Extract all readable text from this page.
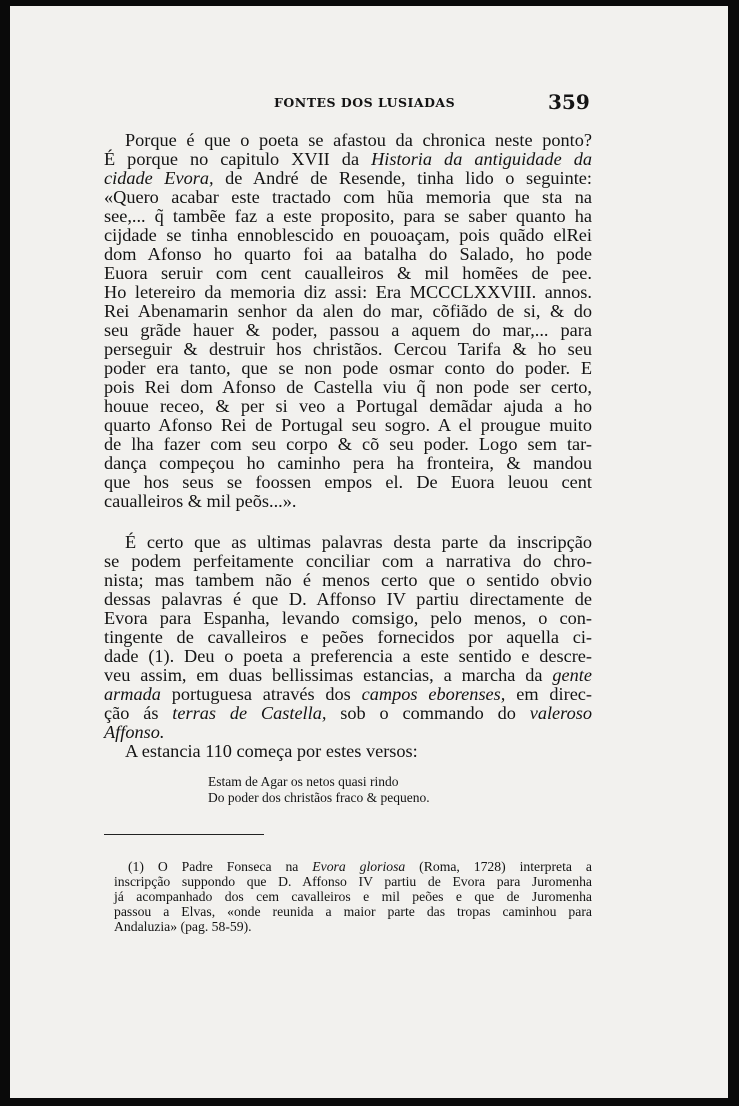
FONTES DOS LUSIADAS	359
Porque é que o poeta se afastou da chronica neste ponto?
É porque no capitulo XVII da Historia da antiguidade da
cidade Evora, de André de Resende, tinha lido o seguinte:
«Quero acabar este tractado com hũa memoria que sta na
see,... q̃ tambẽe faz a este proposito, para se saber quanto ha
cijdade se tinha ennoblescido en pouoaçam, pois quãdo elRei
dom Afonso ho quarto foi aa batalha do Salado, ho pode
Euora seruir com cent caualleiros & mil homẽes de pee.
Ho letereiro da memoria diz assi: Era MCCCLXXVIII. annos.
Rei Abenamarin senhor da alen do mar, cõfiãdo de si, & do
seu grãde hauer & poder, passou a aquem do mar,... para
perseguir & destruir hos christãos. Cercou Tarifa & ho seu
poder era tanto, que se non pode osmar conto do poder. E
pois Rei dom Afonso de Castella viu q̃ non pode ser certo,
houue receo, & per si veo a Portugal demãdar ajuda a ho
quarto Afonso Rei de Portugal seu sogro. A el prougue muito
de lha fazer com seu corpo & cõ seu poder. Logo sem tar-
dança compeçou ho caminho pera ha fronteira, & mandou
que hos seus se foossen empos el. De Euora leuou cent
caualleiros & mil peõs...».
É certo que as ultimas palavras desta parte da inscripção
se podem perfeitamente conciliar com a narrativa do chro-
nista; mas tambem não é menos certo que o sentido obvio
dessas palavras é que D. Affonso IV partiu directamente de
Evora para Espanha, levando comsigo, pelo menos, o con-
tingente de cavalleiros e peões fornecidos por aquella ci-
dade (1). Deu o poeta a preferencia a este sentido e descre-
veu assim, em duas bellissimas estancias, a marcha da gente
armada portuguesa através dos campos eborenses, em direc-
ção ás terras de Castella, sob o commando do valeroso
Affonso.
A estancia 110 começa por estes versos:
Estam de Agar os netos quasi rindo
Do poder dos christãos fraco & pequeno.
(1) O Padre Fonseca na Evora gloriosa (Roma, 1728) interpreta a
inscripção suppondo que D. Affonso IV partiu de Evora para Juromenha
já acompanhado dos cem cavalleiros e mil peões e que de Juromenha
passou a Elvas, «onde reunida a maior parte das tropas caminhou para
Andaluzia» (pag. 58-59).
